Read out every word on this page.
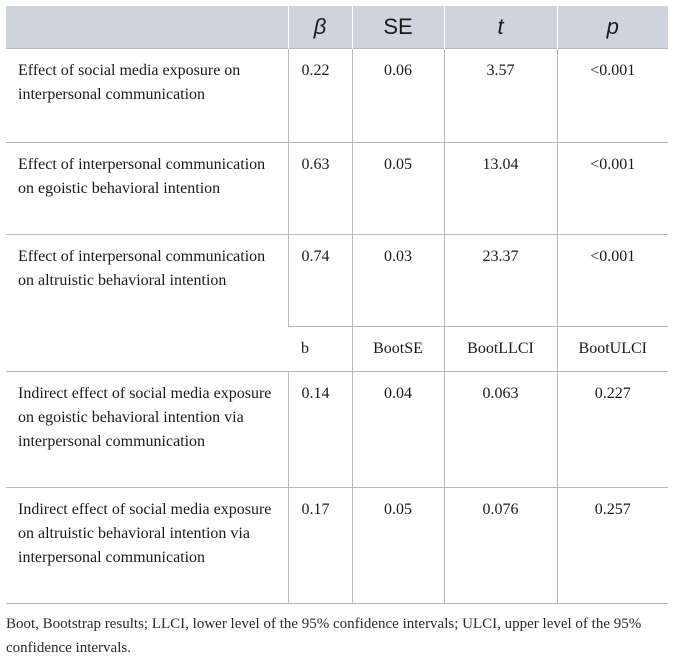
	β	SE	t	p
Effect of social media exposure on interpersonal communication	0.22	0.06	3.57	<0.001
Effect of interpersonal communication on egoistic behavioral intention	0.63	0.05	13.04	<0.001
Effect of interpersonal communication on altruistic behavioral intention	0.74	0.03	23.37	<0.001
	b	BootSE	BootLLCI	BootULCI
Indirect effect of social media exposure on egoistic behavioral intention via interpersonal communication	0.14	0.04	0.063	0.227
Indirect effect of social media exposure on altruistic behavioral intention via interpersonal communication	0.17	0.05	0.076	0.257
Boot, Bootstrap results; LLCI, lower level of the 95% confidence intervals; ULCI, upper level of the 95% confidence intervals.
